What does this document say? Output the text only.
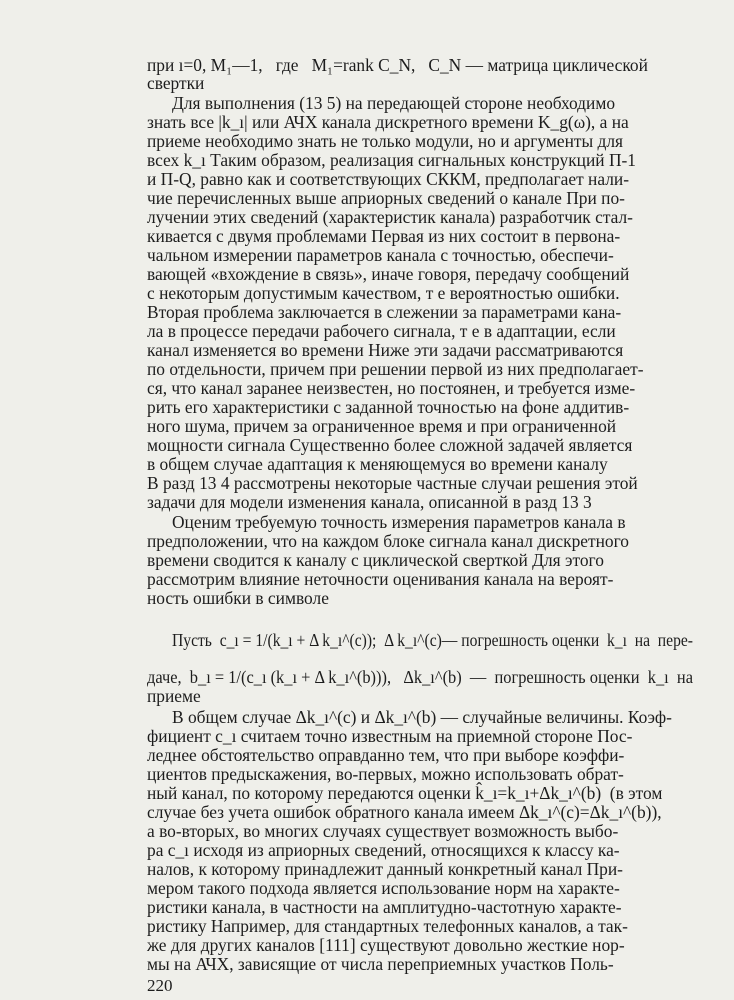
при ı=0, M₁—1,   где   M₁=rank C_N,   C_N — матрица циклической
свертки
Для выполнения (13 5) на передающей стороне необходимо
знать все |k_ı| или АЧХ канала дискретного времени K_g(ω), а на
приеме необходимо знать не только модули, но и аргументы для
всех k_ı Таким образом, реализация сигнальных конструкций П-1
и П-Q, равно как и соответствующих СККМ, предполагает нали-
чие перечисленных выше априорных сведений о канале При по-
лучении этих сведений (характеристик канала) разработчик стал-
кивается с двумя проблемами Первая из них состоит в первона-
чальном измерении параметров канала с точностью, обеспечи-
вающей «вхождение в связь», иначе говоря, передачу сообщений
с некоторым допустимым качеством, т е вероятностью ошибки.
Вторая проблема заключается в слежении за параметрами кана-
ла в процессе передачи рабочего сигнала, т е в адаптации, если
канал изменяется во времени Ниже эти задачи рассматриваются
по отдельности, причем при решении первой из них предполагает-
ся, что канал заранее неизвестен, но постоянен, и требуется изме-
рить его характеристики с заданной точностью на фоне аддитив-
ного шума, причем за ограниченное время и при ограниченной
мощности сигнала Существенно более сложной задачей является
в общем случае адаптация к меняющемуся во времени каналу
В разд 13 4 рассмотрены некоторые частные случаи решения этой
задачи для модели изменения канала, описанной в разд 13 3
Оценим требуемую точность измерения параметров канала в
предположении, что на каждом блоке сигнала канал дискретного
времени сводится к каналу с циклической сверткой Для этого
рассмотрим влияние неточности оценивания канала на вероят-
ность ошибки в символе
Пусть  c_ı = 1/(k_ı + Δ k_ı^(c));  Δ k_ı^(c)— погрешность оценки  k_ı  на  пере-
даче,  b_ı = 1/(c_ı (k_ı + Δ k_ı^(b))),   Δk_ı^(b)  —  погрешность оценки  k_ı  на
приеме
В общем случае Δk_ı^(c) и Δk_ı^(b) — случайные величины. Коэф-
фициент c_ı считаем точно известным на приемной стороне Пос-
леднее обстоятельство оправданно тем, что при выборе коэффи-
циентов предыскажения, во-первых, можно использовать обрат-
ный канал, по которому передаются оценки k̂_ı=k_ı+Δk_ı^(b)  (в этом
случае без учета ошибок обратного канала имеем Δk_ı^(c)=Δk_ı^(b)),
а во-вторых, во многих случаях существует возможность выбо-
ра c_ı исходя из априорных сведений, относящихся к классу ка-
налов, к которому принадлежит данный конкретный канал При-
мером такого подхода является использование норм на характе-
ристики канала, в частности на амплитудно-частотную характе-
ристику Например, для стандартных телефонных каналов, а так-
же для других каналов [111] существуют довольно жесткие нор-
мы на АЧХ, зависящие от числа переприемных участков Поль-
220
